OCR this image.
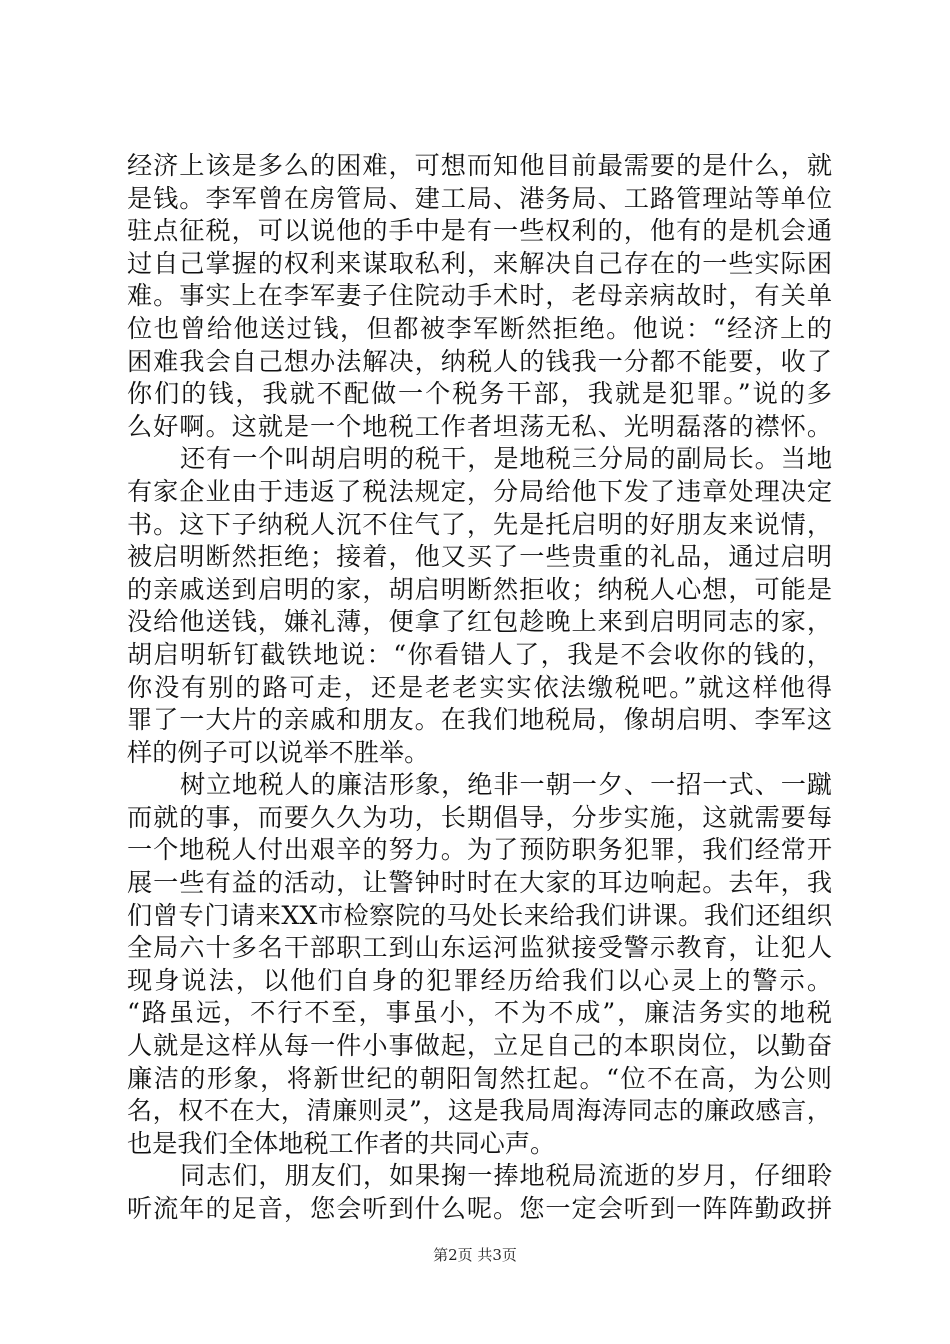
经济上该是多么的困难，可想而知他目前最需要的是什么，就
是钱。李军曾在房管局、建工局、港务局、工路管理站等单位
驻点征税，可以说他的手中是有一些权利的，他有的是机会通
过自己掌握的权利来谋取私利，来解决自己存在的一些实际困
难。事实上在李军妻子住院动手术时，老母亲病故时，有关单
位也曾给他送过钱，但都被李军断然拒绝。他说：“经济上的
困难我会自己想办法解决，纳税人的钱我一分都不能要，收了
你们的钱，我就不配做一个税务干部，我就是犯罪。”说的多
么好啊。这就是一个地税工作者坦荡无私、光明磊落的襟怀。
还有一个叫胡启明的税干，是地税三分局的副局长。当地
有家企业由于违返了税法规定，分局给他下发了违章处理决定
书。这下子纳税人沉不住气了，先是托启明的好朋友来说情，
被启明断然拒绝；接着，他又买了一些贵重的礼品，通过启明
的亲戚送到启明的家，胡启明断然拒收；纳税人心想，可能是
没给他送钱，嫌礼薄，便拿了红包趁晚上来到启明同志的家，
胡启明斩钉截铁地说：“你看错人了，我是不会收你的钱的，
你没有别的路可走，还是老老实实依法缴税吧。”就这样他得
罪了一大片的亲戚和朋友。在我们地税局，像胡启明、李军这
样的例子可以说举不胜举。
树立地税人的廉洁形象，绝非一朝一夕、一招一式、一蹴
而就的事，而要久久为功，长期倡导，分步实施，这就需要每
一个地税人付出艰辛的努力。为了预防职务犯罪，我们经常开
展一些有益的活动，让警钟时时在大家的耳边响起。去年，我
们曾专门请来XX市检察院的马处长来给我们讲课。我们还组织
全局六十多名干部职工到山东运河监狱接受警示教育，让犯人
现身说法，以他们自身的犯罪经历给我们以心灵上的警示。
“路虽远，不行不至，事虽小，不为不成”，廉洁务实的地税
人就是这样从每一件小事做起，立足自己的本职岗位，以勤奋
廉洁的形象，将新世纪的朝阳訇然扛起。“位不在高，为公则
名，权不在大，清廉则灵”，这是我局周海涛同志的廉政感言，
也是我们全体地税工作者的共同心声。
同志们，朋友们，如果掬一捧地税局流逝的岁月，仔细聆
听流年的足音，您会听到什么呢。您一定会听到一阵阵勤政拼
第2页 共3页
